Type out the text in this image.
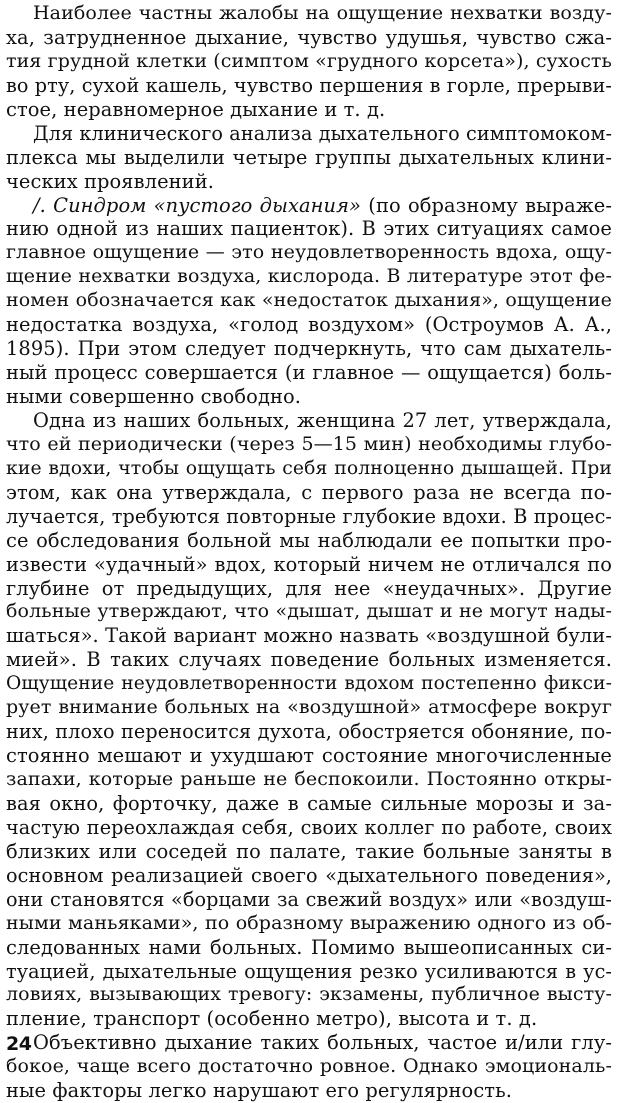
Наиболее частны жалобы на ощущение нехватки возду-
ха, затрудненное дыхание, чувство удушья, чувство сжа-
тия грудной клетки (симптом «грудного корсета»), сухость
во рту, сухой кашель, чувство першения в горле, прерыви-
стое, неравномерное дыхание и т. д.
Для клинического анализа дыхательного симптомоком-
плекса мы выделили четыре группы дыхательных клини-
ческих проявлений.
/. Синдром «пустого дыхания» (по образному выраже-
нию одной из наших пациенток). В этих ситуациях самое
главное ощущение — это неудовлетворенность вдоха, ощу-
щение нехватки воздуха, кислорода. В литературе этот фе-
номен обозначается как «недостаток дыхания», ощущение
недостатка воздуха, «голод воздухом» (Остроумов А. А.,
1895). При этом следует подчеркнуть, что сам дыхатель-
ный процесс совершается (и главное — ощущается) боль-
ными совершенно свободно.
Одна из наших больных, женщина 27 лет, утверждала,
что ей периодически (через 5—15 мин) необходимы глубо-
кие вдохи, чтобы ощущать себя полноценно дышащей. При
этом, как она утверждала, с первого раза не всегда по-
лучается, требуются повторные глубокие вдохи. В процес-
се обследования больной мы наблюдали ее попытки про-
извести «удачный» вдох, который ничем не отличался по
глубине от предыдущих, для нее «неудачных». Другие
больные утверждают, что «дышат, дышат и не могут нады-
шаться». Такой вариант можно назвать «воздушной були-
мией». В таких случаях поведение больных изменяется.
Ощущение неудовлетворенности вдохом постепенно фикси-
рует внимание больных на «воздушной» атмосфере вокруг
них, плохо переносится духота, обостряется обоняние, по-
стоянно мешают и ухудшают состояние многочисленные
запахи, которые раньше не беспокоили. Постоянно откры-
вая окно, форточку, даже в самые сильные морозы и за-
частую переохлаждая себя, своих коллег по работе, своих
близких или соседей по палате, такие больные заняты в
основном реализацией своего «дыхательного поведения»,
они становятся «борцами за свежий воздух» или «воздуш-
ными маньяками», по образному выражению одного из об-
следованных нами больных. Помимо вышеописанных си-
туацией, дыхательные ощущения резко усиливаются в ус-
ловиях, вызывающих тревогу: экзамены, публичное высту-
пление, транспорт (особенно метро), высота и т. д.
Объективно дыхание таких больных, частое и/или глу-
бокое, чаще всего достаточно ровное. Однако эмоциональ-
ные факторы легко нарушают его регулярность.
24
